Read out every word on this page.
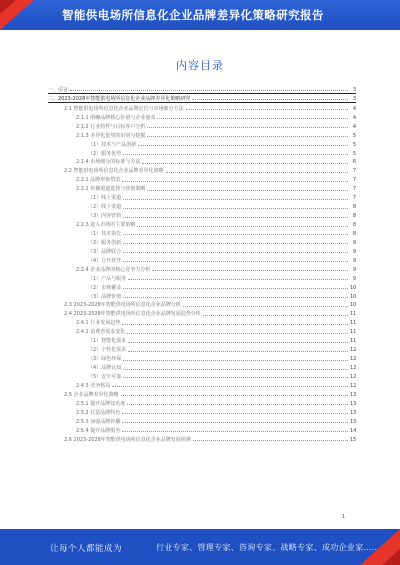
智能供电场所信息化企业品牌差异化策略研究报告
内容目录
一、引言	3
二、2023-2028年智能供电场所信息化企业品牌差异化策略研究	3
2.1 智能供电场所信息化企业品牌定位与市场细分方法	4
2.1.1 明确品牌核心价值与企业使命	4
2.1.2 行业特性与目标客户分析	4
2.1.3 差异化优势的识别与挖掘	5
（1）技术与产品创新	5
（2）服务优势	5
2.1.4 市场细分的标准与方法	6
2.2 智能供电场所信息化企业品牌差异化策略	7
2.2.1 品牌形象塑造	7
2.2.2 传播渠道选择与营销策略	7
（1）线上渠道	7
（2）线下渠道	8
（3）内容营销	8
2.2.3 进入市场的主要策略	8
（1）技术领先	8
（2）服务创新	9
（3）品牌联合	9
（4）合作伙伴	9
2.2.4 企业品牌的核心竞争力分析	9
（1）产品与服务	9
（2）市场覆盖	10
（3）品牌价值	10
2.3 2023-2028年智能供电场所信息化企业品牌分析	10
2.4 2023-2028年智能供电场所信息化企业品牌发展趋势分析	11
2.4.1 行业发展趋势	11
2.4.2 消费者需求变化	11
（1）智能化需求	11
（2）个性化需求	12
（3）绿色环保	12
（4）品牌认知	12
（5）安全可靠	12
2.4.3 竞争格局	12
2.5 企业品牌差异化策略	13
2.5.1 提升品牌知名度	13
2.5.2 打造品牌特色	13
2.5.3 加强品牌传播	13
2.5.4 提升品牌服务	14
2.6 2023-2028年智能供电场所信息化企业品牌发展预测	15
1
让每个人都能成为	行业专家、管理专家、咨询专家、战略专家、成功企业家……
